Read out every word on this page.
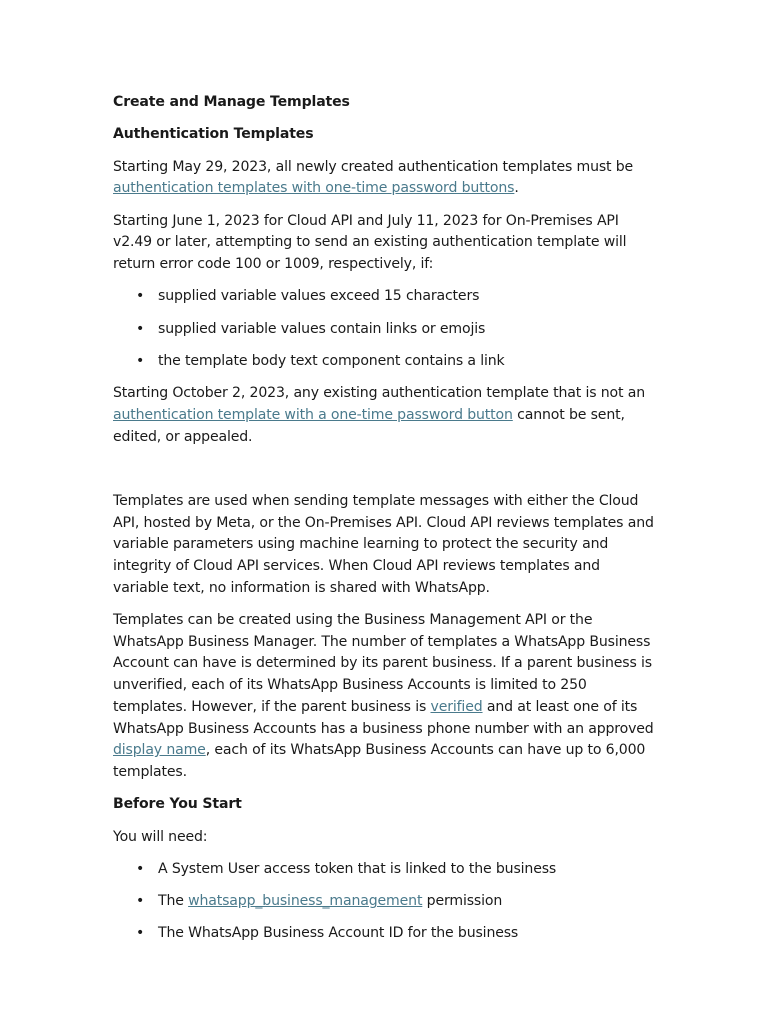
Create and Manage Templates
Authentication Templates

Starting May 29, 2023, all newly created authentication templates must be authentication templates with one-time password buttons.

Starting June 1, 2023 for Cloud API and July 11, 2023 for On-Premises API v2.49 or later, attempting to send an existing authentication template will return error code 100 or 1009, respectively, if:

• supplied variable values exceed 15 characters
• supplied variable values contain links or emojis
• the template body text component contains a link

Starting October 2, 2023, any existing authentication template that is not an authentication template with a one-time password button cannot be sent, edited, or appealed.

Templates are used when sending template messages with either the Cloud API, hosted by Meta, or the On-Premises API. Cloud API reviews templates and variable parameters using machine learning to protect the security and integrity of Cloud API services. When Cloud API reviews templates and variable text, no information is shared with WhatsApp.

Templates can be created using the Business Management API or the WhatsApp Business Manager. The number of templates a WhatsApp Business Account can have is determined by its parent business. If a parent business is unverified, each of its WhatsApp Business Accounts is limited to 250 templates. However, if the parent business is verified and at least one of its WhatsApp Business Accounts has a business phone number with an approved display name, each of its WhatsApp Business Accounts can have up to 6,000 templates.

Before You Start

You will need:

• A System User access token that is linked to the business
• The whatsapp_business_management permission
• The WhatsApp Business Account ID for the business
